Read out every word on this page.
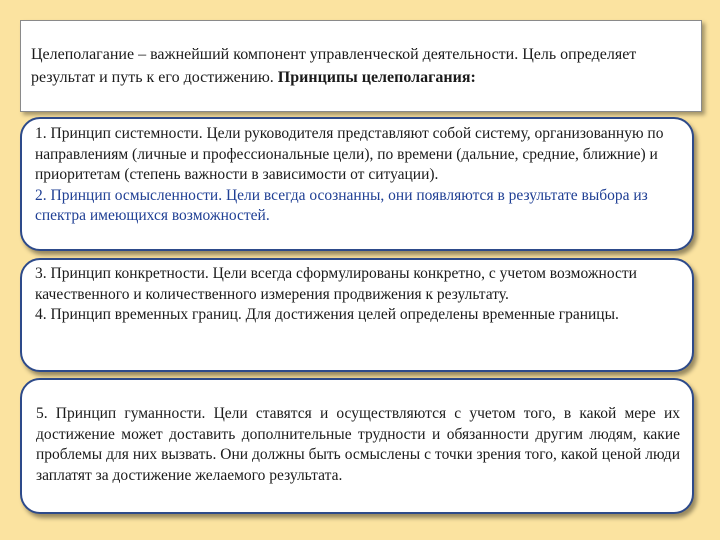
Целеполагание – важнейший компонент управленческой деятельности. Цель определяет результат и путь к его достижению. Принципы целеполагания:
1. Принцип системности. Цели руководителя представляют собой систему, организованную по направлениям (личные и профессиональные цели), по времени (дальние, средние, ближние) и приоритетам (степень важности в зависимости от ситуации).
2. Принцип осмысленности. Цели всегда осознанны, они появляются в результате выбора из спектра имеющихся возможностей.
3. Принцип конкретности. Цели всегда сформулированы конкретно, с учетом возможности качественного и количественного измерения продвижения к результату.
4. Принцип временных границ. Для достижения целей определены временные границы.
5. Принцип гуманности. Цели ставятся и осуществляются с учетом того, в какой мере их достижение может доставить дополнительные трудности и обязанности другим людям, какие проблемы для них вызвать. Они должны быть осмыслены с точки зрения того, какой ценой люди заплатят за достижение желаемого результата.
